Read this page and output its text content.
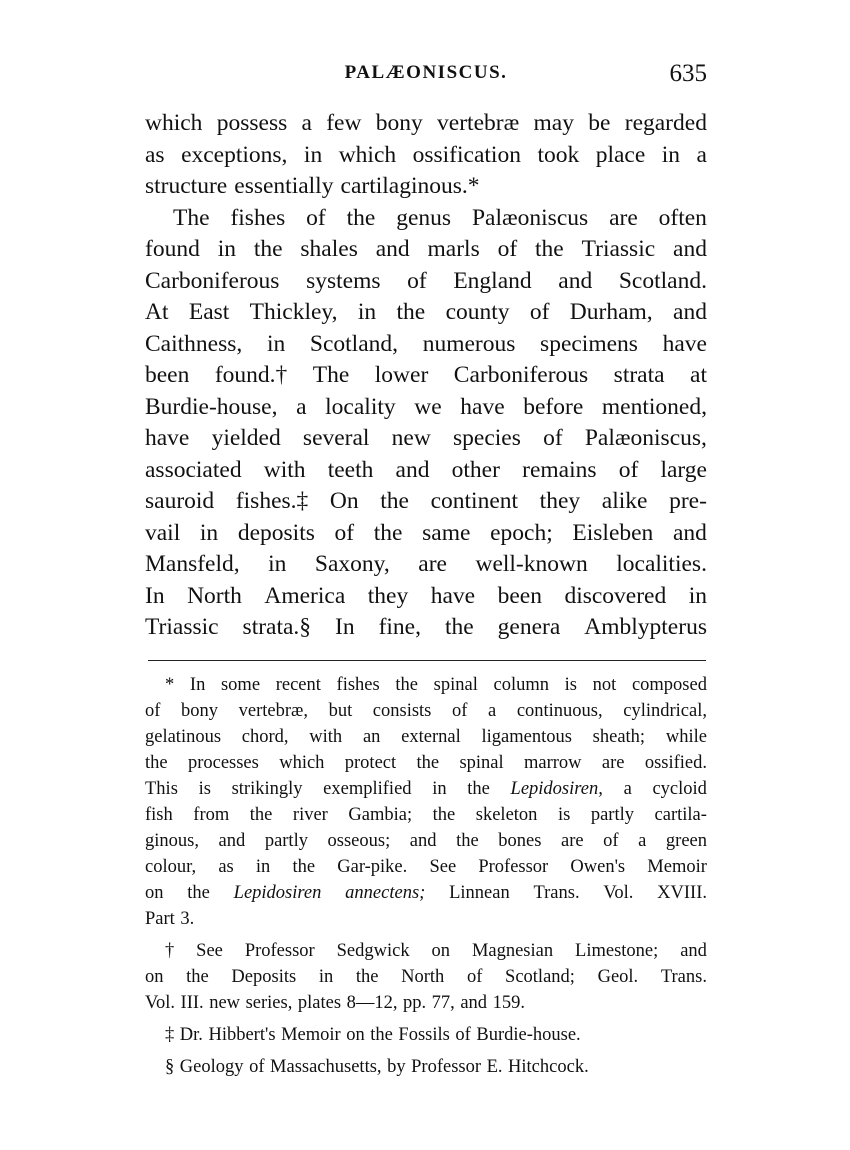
PALÆONISCUS.	635
which possess a few bony vertebræ may be regarded
as exceptions, in which ossification took place in a
structure essentially cartilaginous.*
The fishes of the genus Palæoniscus are often
found in the shales and marls of the Triassic and
Carboniferous systems of England and Scotland.
At East Thickley, in the county of Durham, and
Caithness, in Scotland, numerous specimens have
been found.† The lower Carboniferous strata at
Burdie-house, a locality we have before mentioned,
have yielded several new species of Palæoniscus,
associated with teeth and other remains of large
sauroid fishes.‡ On the continent they alike pre-
vail in deposits of the same epoch; Eisleben and
Mansfeld, in Saxony, are well-known localities.
In North America they have been discovered in
Triassic strata.§ In fine, the genera Amblypterus
* In some recent fishes the spinal column is not composed
of bony vertebræ, but consists of a continuous, cylindrical,
gelatinous chord, with an external ligamentous sheath; while
the processes which protect the spinal marrow are ossified.
This is strikingly exemplified in the Lepidosiren, a cycloid
fish from the river Gambia; the skeleton is partly cartila-
ginous, and partly osseous; and the bones are of a green
colour, as in the Gar-pike. See Professor Owen's Memoir
on the Lepidosiren annectens; Linnean Trans. Vol. XVIII.
Part 3.
† See Professor Sedgwick on Magnesian Limestone; and
on the Deposits in the North of Scotland; Geol. Trans.
Vol. III. new series, plates 8—12, pp. 77, and 159.
‡ Dr. Hibbert's Memoir on the Fossils of Burdie-house.
§ Geology of Massachusetts, by Professor E. Hitchcock.
